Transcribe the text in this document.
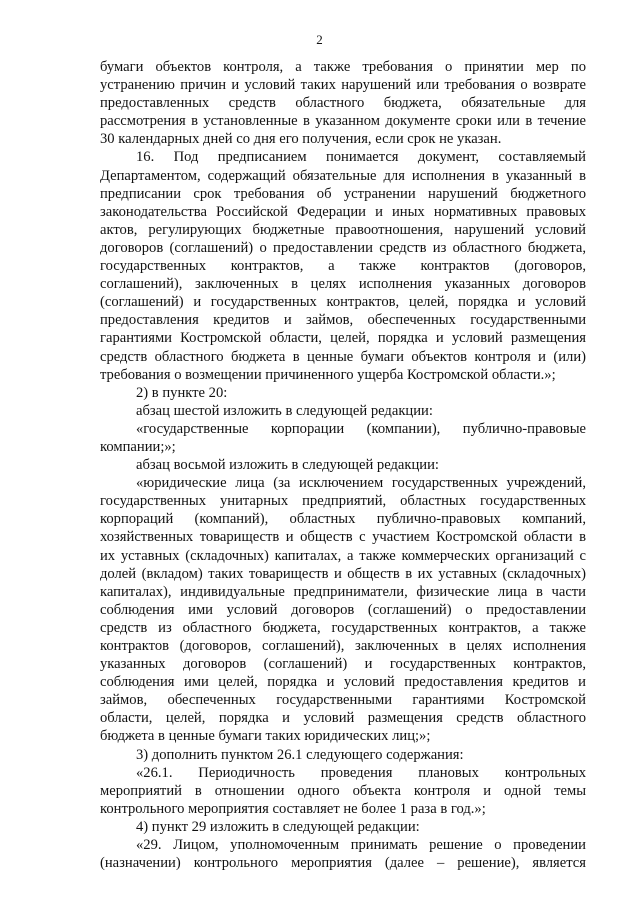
2
бумаги объектов контроля, а также требования о принятии мер по
устранению причин и условий таких нарушений или требования о возврате
предоставленных средств областного бюджета, обязательные для
рассмотрения в установленные в указанном документе сроки или в течение
30 календарных дней со дня его получения, если срок не указан.
16. Под предписанием понимается документ, составляемый
Департаментом, содержащий обязательные для исполнения в указанный в
предписании срок требования об устранении нарушений бюджетного
законодательства Российской Федерации и иных нормативных правовых
актов, регулирующих бюджетные правоотношения, нарушений условий
договоров (соглашений) о предоставлении средств из областного бюджета,
государственных контрактов, а также контрактов (договоров,
соглашений), заключенных в целях исполнения указанных договоров
(соглашений) и государственных контрактов, целей, порядка и условий
предоставления кредитов и займов, обеспеченных государственными
гарантиями Костромской области, целей, порядка и условий размещения
средств областного бюджета в ценные бумаги объектов контроля и (или)
требования о возмещении причиненного ущерба Костромской области.»;
2) в пункте 20:
абзац шестой изложить в следующей редакции:
«государственные корпорации (компании), публично-правовые
компании;»;
абзац восьмой изложить в следующей редакции:
«юридические лица (за исключением государственных учреждений,
государственных унитарных предприятий, областных государственных
корпораций (компаний), областных публично-правовых компаний,
хозяйственных товариществ и обществ с участием Костромской области в
их уставных (складочных) капиталах, а также коммерческих организаций с
долей (вкладом) таких товариществ и обществ в их уставных (складочных)
капиталах), индивидуальные предприниматели, физические лица в части
соблюдения ими условий договоров (соглашений) о предоставлении
средств из областного бюджета, государственных контрактов, а также
контрактов (договоров, соглашений), заключенных в целях исполнения
указанных договоров (соглашений) и государственных контрактов,
соблюдения ими целей, порядка и условий предоставления кредитов и
займов, обеспеченных государственными гарантиями Костромской
области, целей, порядка и условий размещения средств областного
бюджета в ценные бумаги таких юридических лиц;»;
3) дополнить пунктом 26.1 следующего содержания:
«26.1. Периодичность проведения плановых контрольных
мероприятий в отношении одного объекта контроля и одной темы
контрольного мероприятия составляет не более 1 раза в год.»;
4) пункт 29 изложить в следующей редакции:
«29. Лицом, уполномоченным принимать решение о проведении
(назначении) контрольного мероприятия (далее – решение), является
